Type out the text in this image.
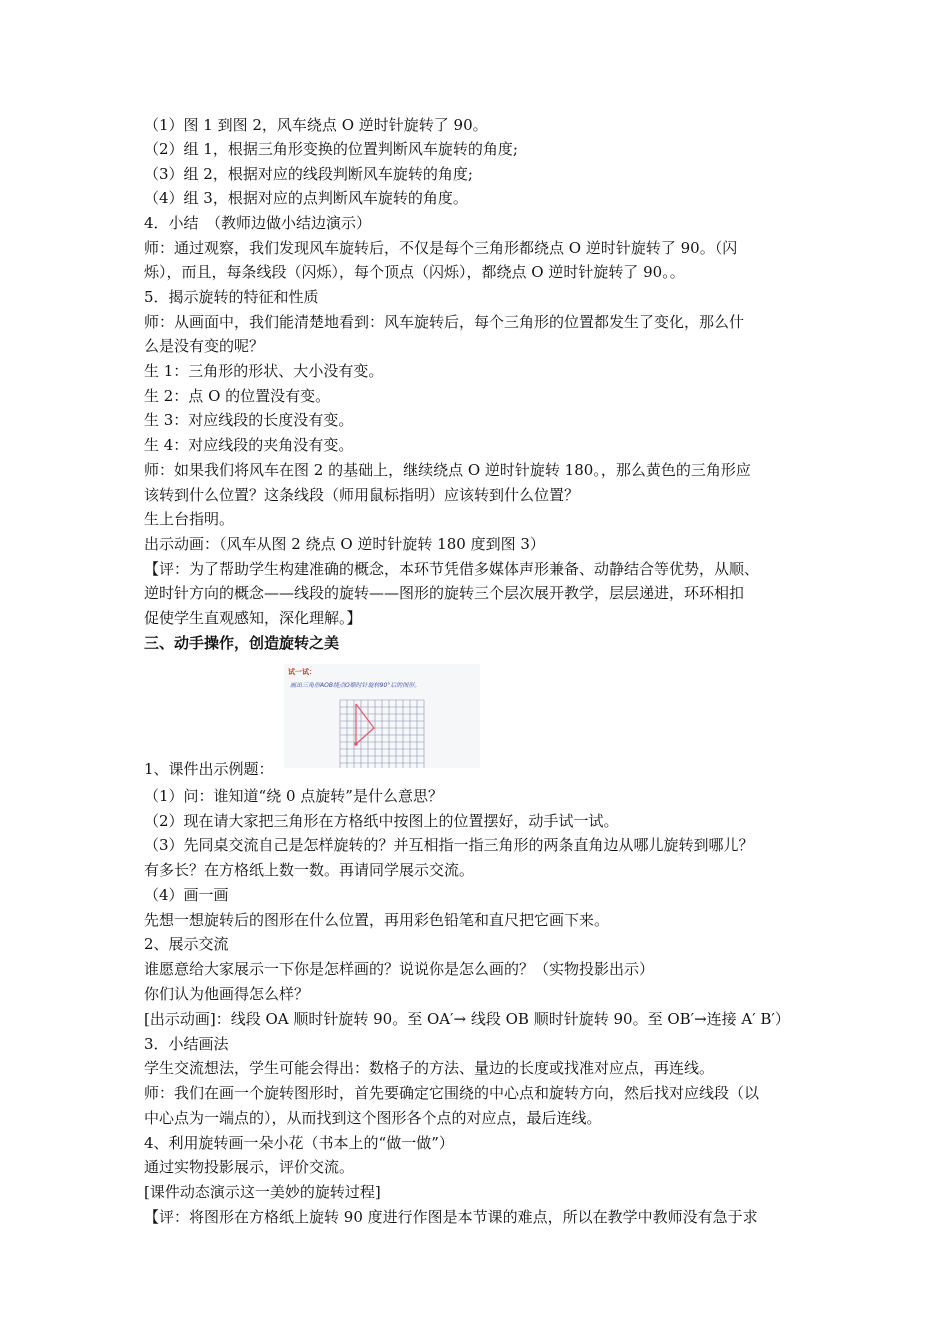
（1）图 1 到图 2，风车绕点 O 逆时针旋转了 90。
（2）组 1，根据三角形变换的位置判断风车旋转的角度;
（3）组 2，根据对应的线段判断风车旋转的角度;
（4）组 3，根据对应的点判断风车旋转的角度。
4．小结　（教师边做小结边演示）
师：通过观察，我们发现风车旋转后，不仅是每个三角形都绕点 O 逆时针旋转了 90。（闪
烁），而且，每条线段（闪烁），每个顶点（闪烁），都绕点 O 逆时针旋转了 90。。
5．揭示旋转的特征和性质
师：从画面中，我们能清楚地看到：风车旋转后，每个三角形的位置都发生了变化，那么什
么是没有变的呢？
生 1：三角形的形状、大小没有变。
生 2：点 O 的位置没有变。
生 3：对应线段的长度没有变。
生 4：对应线段的夹角没有变。
师：如果我们将风车在图 2 的基础上，继续绕点 O 逆时针旋转 180。，那么黄色的三角形应
该转到什么位置？这条线段（师用鼠标指明）应该转到什么位置？
生上台指明。
出示动画：（风车从图 2 绕点 O 逆时针旋转 180 度到图 3）
【评：为了帮助学生构建准确的概念，本环节凭借多媒体声形兼备、动静结合等优势，从顺、
逆时针方向的概念——线段的旋转——图形的旋转三个层次展开教学，层层递进，环环相扣
促使学生直观感知，深化理解。】
三、动手操作，创造旋转之美
试一试：
画出三角形AOB绕点O顺时针旋转90°后的图形。
1、课件出示例题：
（1）问：谁知道“绕 0 点旋转”是什么意思？
（2）现在请大家把三角形在方格纸中按图上的位置摆好，动手试一试。
（3）先同桌交流自己是怎样旋转的？并互相指一指三角形的两条直角边从哪儿旋转到哪儿？
有多长？在方格纸上数一数。再请同学展示交流。
（4）画一画
先想一想旋转后的图形在什么位置，再用彩色铅笔和直尺把它画下来。
2、展示交流
谁愿意给大家展示一下你是怎样画的？说说你是怎么画的？（实物投影出示）
你们认为他画得怎么样？
[出示动画]：线段 OA 顺时针旋转 90。至 OA′→ 线段 OB 顺时针旋转 90。至 OB′→连接 A′ B′）
3．小结画法
学生交流想法，学生可能会得出：数格子的方法、量边的长度或找准对应点，再连线。
师：我们在画一个旋转图形时，首先要确定它围绕的中心点和旋转方向，然后找对应线段（以
中心点为一端点的），从而找到这个图形各个点的对应点，最后连线。
4、利用旋转画一朵小花（书本上的“做一做”）
通过实物投影展示，评价交流。
[课件动态演示这一美妙的旋转过程]
【评：将图形在方格纸上旋转 90 度进行作图是本节课的难点，所以在教学中教师没有急于求
